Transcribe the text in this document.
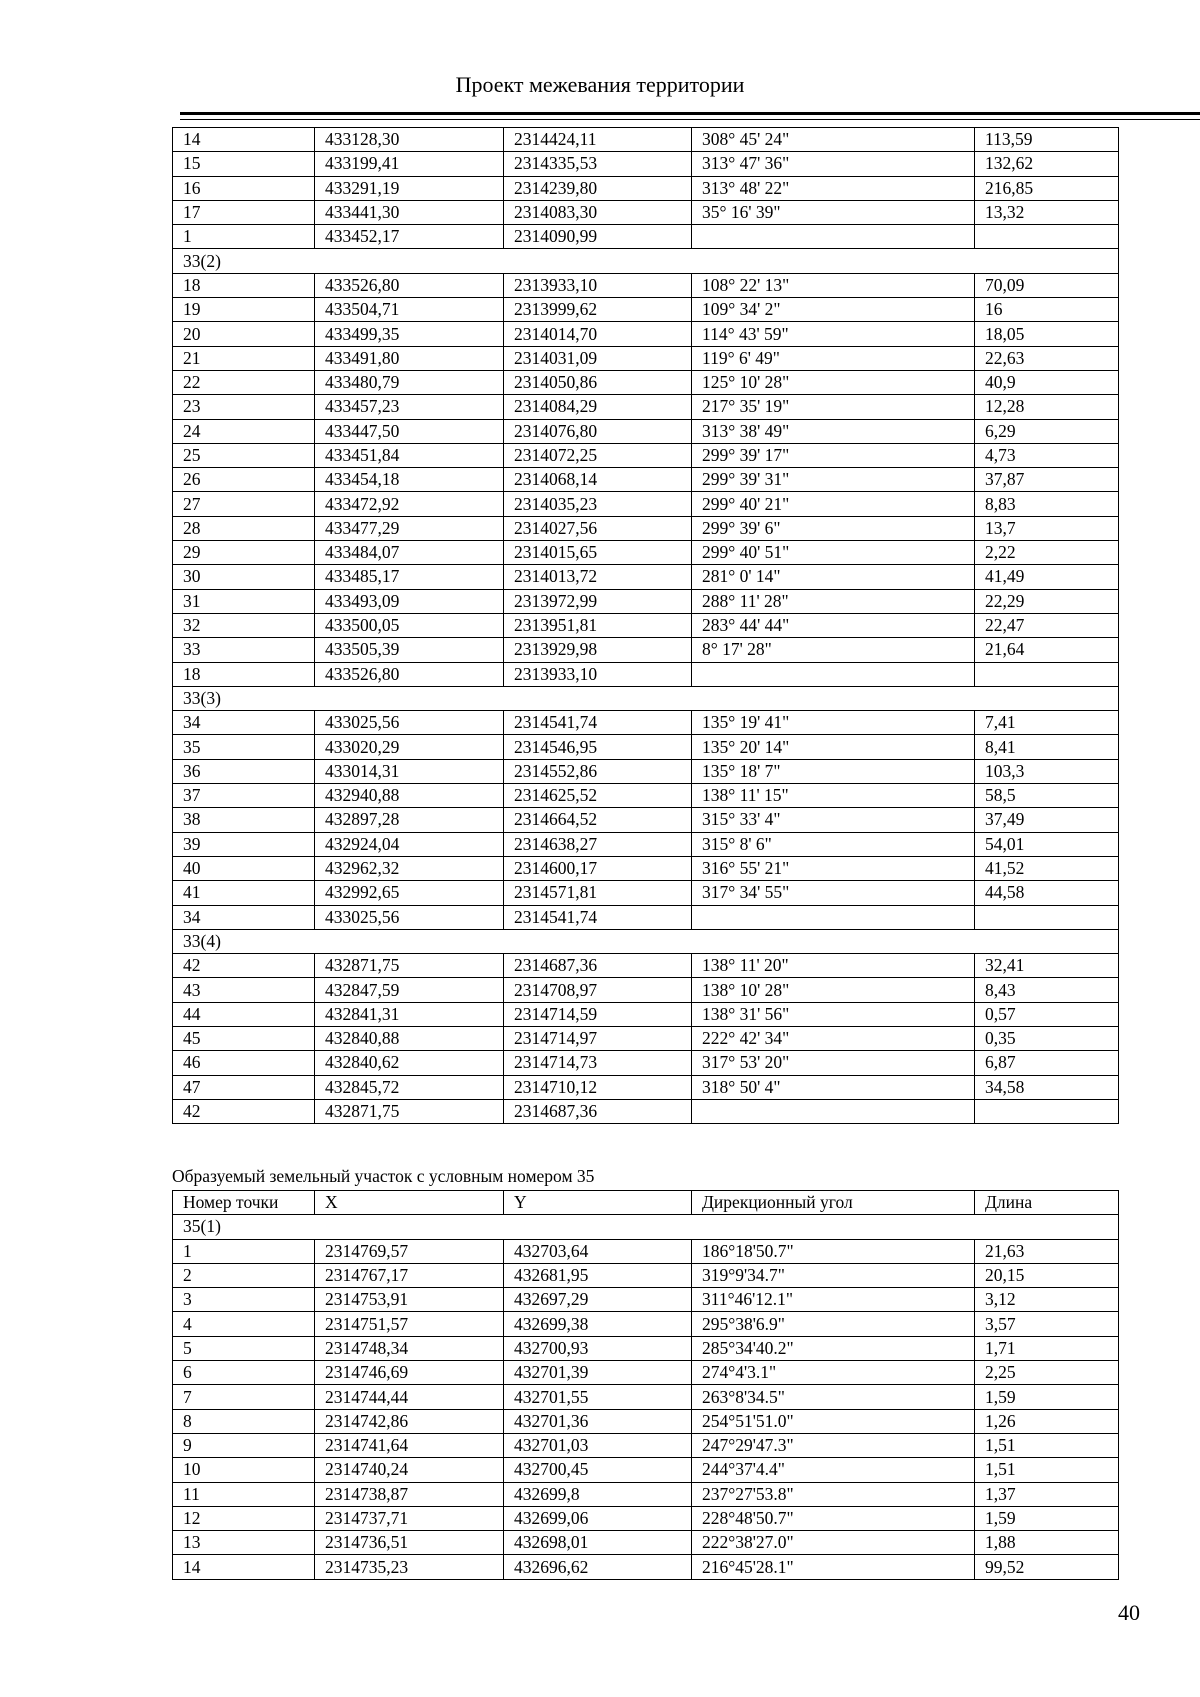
Проект межевания территории
14	433128,30	2314424,11	308° 45' 24"	113,59
15	433199,41	2314335,53	313° 47' 36"	132,62
16	433291,19	2314239,80	313° 48' 22"	216,85
17	433441,30	2314083,30	35° 16' 39"	13,32
1	433452,17	2314090,99		
33(2)				
18	433526,80	2313933,10	108° 22' 13"	70,09
19	433504,71	2313999,62	109° 34' 2"	16
20	433499,35	2314014,70	114° 43' 59"	18,05
21	433491,80	2314031,09	119° 6' 49"	22,63
22	433480,79	2314050,86	125° 10' 28"	40,9
23	433457,23	2314084,29	217° 35' 19"	12,28
24	433447,50	2314076,80	313° 38' 49"	6,29
25	433451,84	2314072,25	299° 39' 17"	4,73
26	433454,18	2314068,14	299° 39' 31"	37,87
27	433472,92	2314035,23	299° 40' 21"	8,83
28	433477,29	2314027,56	299° 39' 6"	13,7
29	433484,07	2314015,65	299° 40' 51"	2,22
30	433485,17	2314013,72	281° 0' 14"	41,49
31	433493,09	2313972,99	288° 11' 28"	22,29
32	433500,05	2313951,81	283° 44' 44"	22,47
33	433505,39	2313929,98	8° 17' 28"	21,64
18	433526,80	2313933,10		
33(3)				
34	433025,56	2314541,74	135° 19' 41"	7,41
35	433020,29	2314546,95	135° 20' 14"	8,41
36	433014,31	2314552,86	135° 18' 7"	103,3
37	432940,88	2314625,52	138° 11' 15"	58,5
38	432897,28	2314664,52	315° 33' 4"	37,49
39	432924,04	2314638,27	315° 8' 6"	54,01
40	432962,32	2314600,17	316° 55' 21"	41,52
41	432992,65	2314571,81	317° 34' 55"	44,58
34	433025,56	2314541,74		
33(4)				
42	432871,75	2314687,36	138° 11' 20"	32,41
43	432847,59	2314708,97	138° 10' 28"	8,43
44	432841,31	2314714,59	138° 31' 56"	0,57
45	432840,88	2314714,97	222° 42' 34"	0,35
46	432840,62	2314714,73	317° 53' 20"	6,87
47	432845,72	2314710,12	318° 50' 4"	34,58
42	432871,75	2314687,36		
Образуемый земельный участок с условным номером 35
Номер точки	X	Y	Дирекционный угол	Длина
35(1)				
1	2314769,57	432703,64	186°18'50.7"	21,63
2	2314767,17	432681,95	319°9'34.7"	20,15
3	2314753,91	432697,29	311°46'12.1"	3,12
4	2314751,57	432699,38	295°38'6.9"	3,57
5	2314748,34	432700,93	285°34'40.2"	1,71
6	2314746,69	432701,39	274°4'3.1"	2,25
7	2314744,44	432701,55	263°8'34.5"	1,59
8	2314742,86	432701,36	254°51'51.0"	1,26
9	2314741,64	432701,03	247°29'47.3"	1,51
10	2314740,24	432700,45	244°37'4.4"	1,51
11	2314738,87	432699,8	237°27'53.8"	1,37
12	2314737,71	432699,06	228°48'50.7"	1,59
13	2314736,51	432698,01	222°38'27.0"	1,88
14	2314735,23	432696,62	216°45'28.1"	99,52
40
